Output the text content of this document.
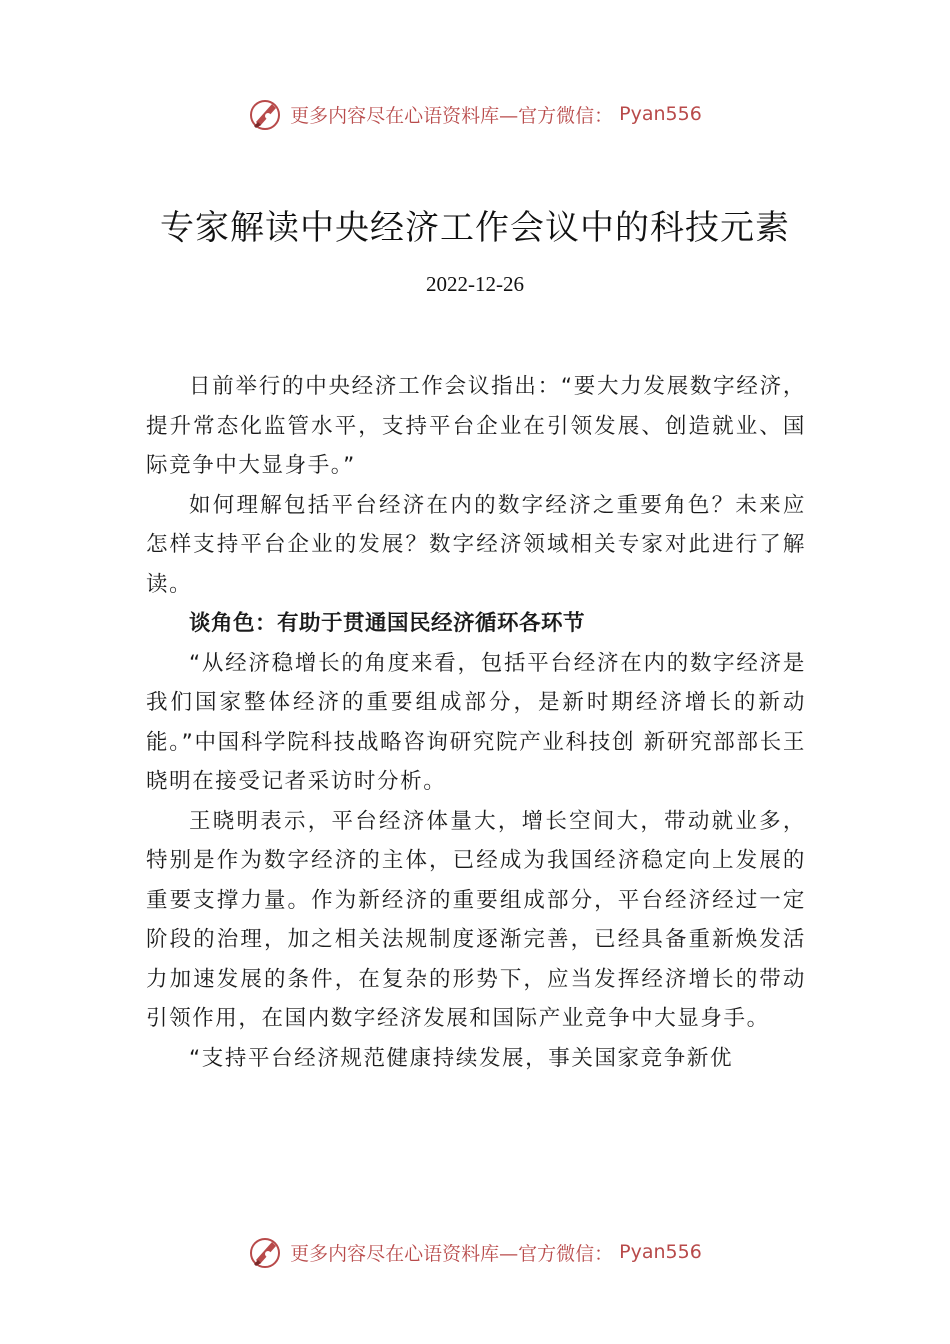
更多内容尽在心语资料库—官方微信： Pyan556
专家解读中央经济工作会议中的科技元素
2022-12-26

日前举行的中央经济工作会议指出：“要大力发展数字经济，提升常态化监管水平，支持平台企业在引领发展、创造就业、国际竞争中大显身手。”

如何理解包括平台经济在内的数字经济之重要角色？未来应怎样支持平台企业的发展？数字经济领域相关专家对此进行了解读。

谈角色：有助于贯通国民经济循环各环节

“从经济稳增长的角度来看，包括平台经济在内的数字经济是我们国家整体经济的重要组成部分，是新时期经济增长的新动能。”中国科学院科技战略咨询研究院产业科技创 新研究部部长王晓明在接受记者采访时分析。

王晓明表示，平台经济体量大，增长空间大，带动就业多，特别是作为数字经济的主体，已经成为我国经济稳定向上发展的重要支撑力量。作为新经济的重要组成部分，平台经济经过一定阶段的治理，加之相关法规制度逐渐完善，已经具备重新焕发活力加速发展的条件，在复杂的形势下，应当发挥经济增长的带动引领作用，在国内数字经济发展和国际产业竞争中大显身手。

“支持平台经济规范健康持续发展，事关国家竞争新优

更多内容尽在心语资料库—官方微信： Pyan556
